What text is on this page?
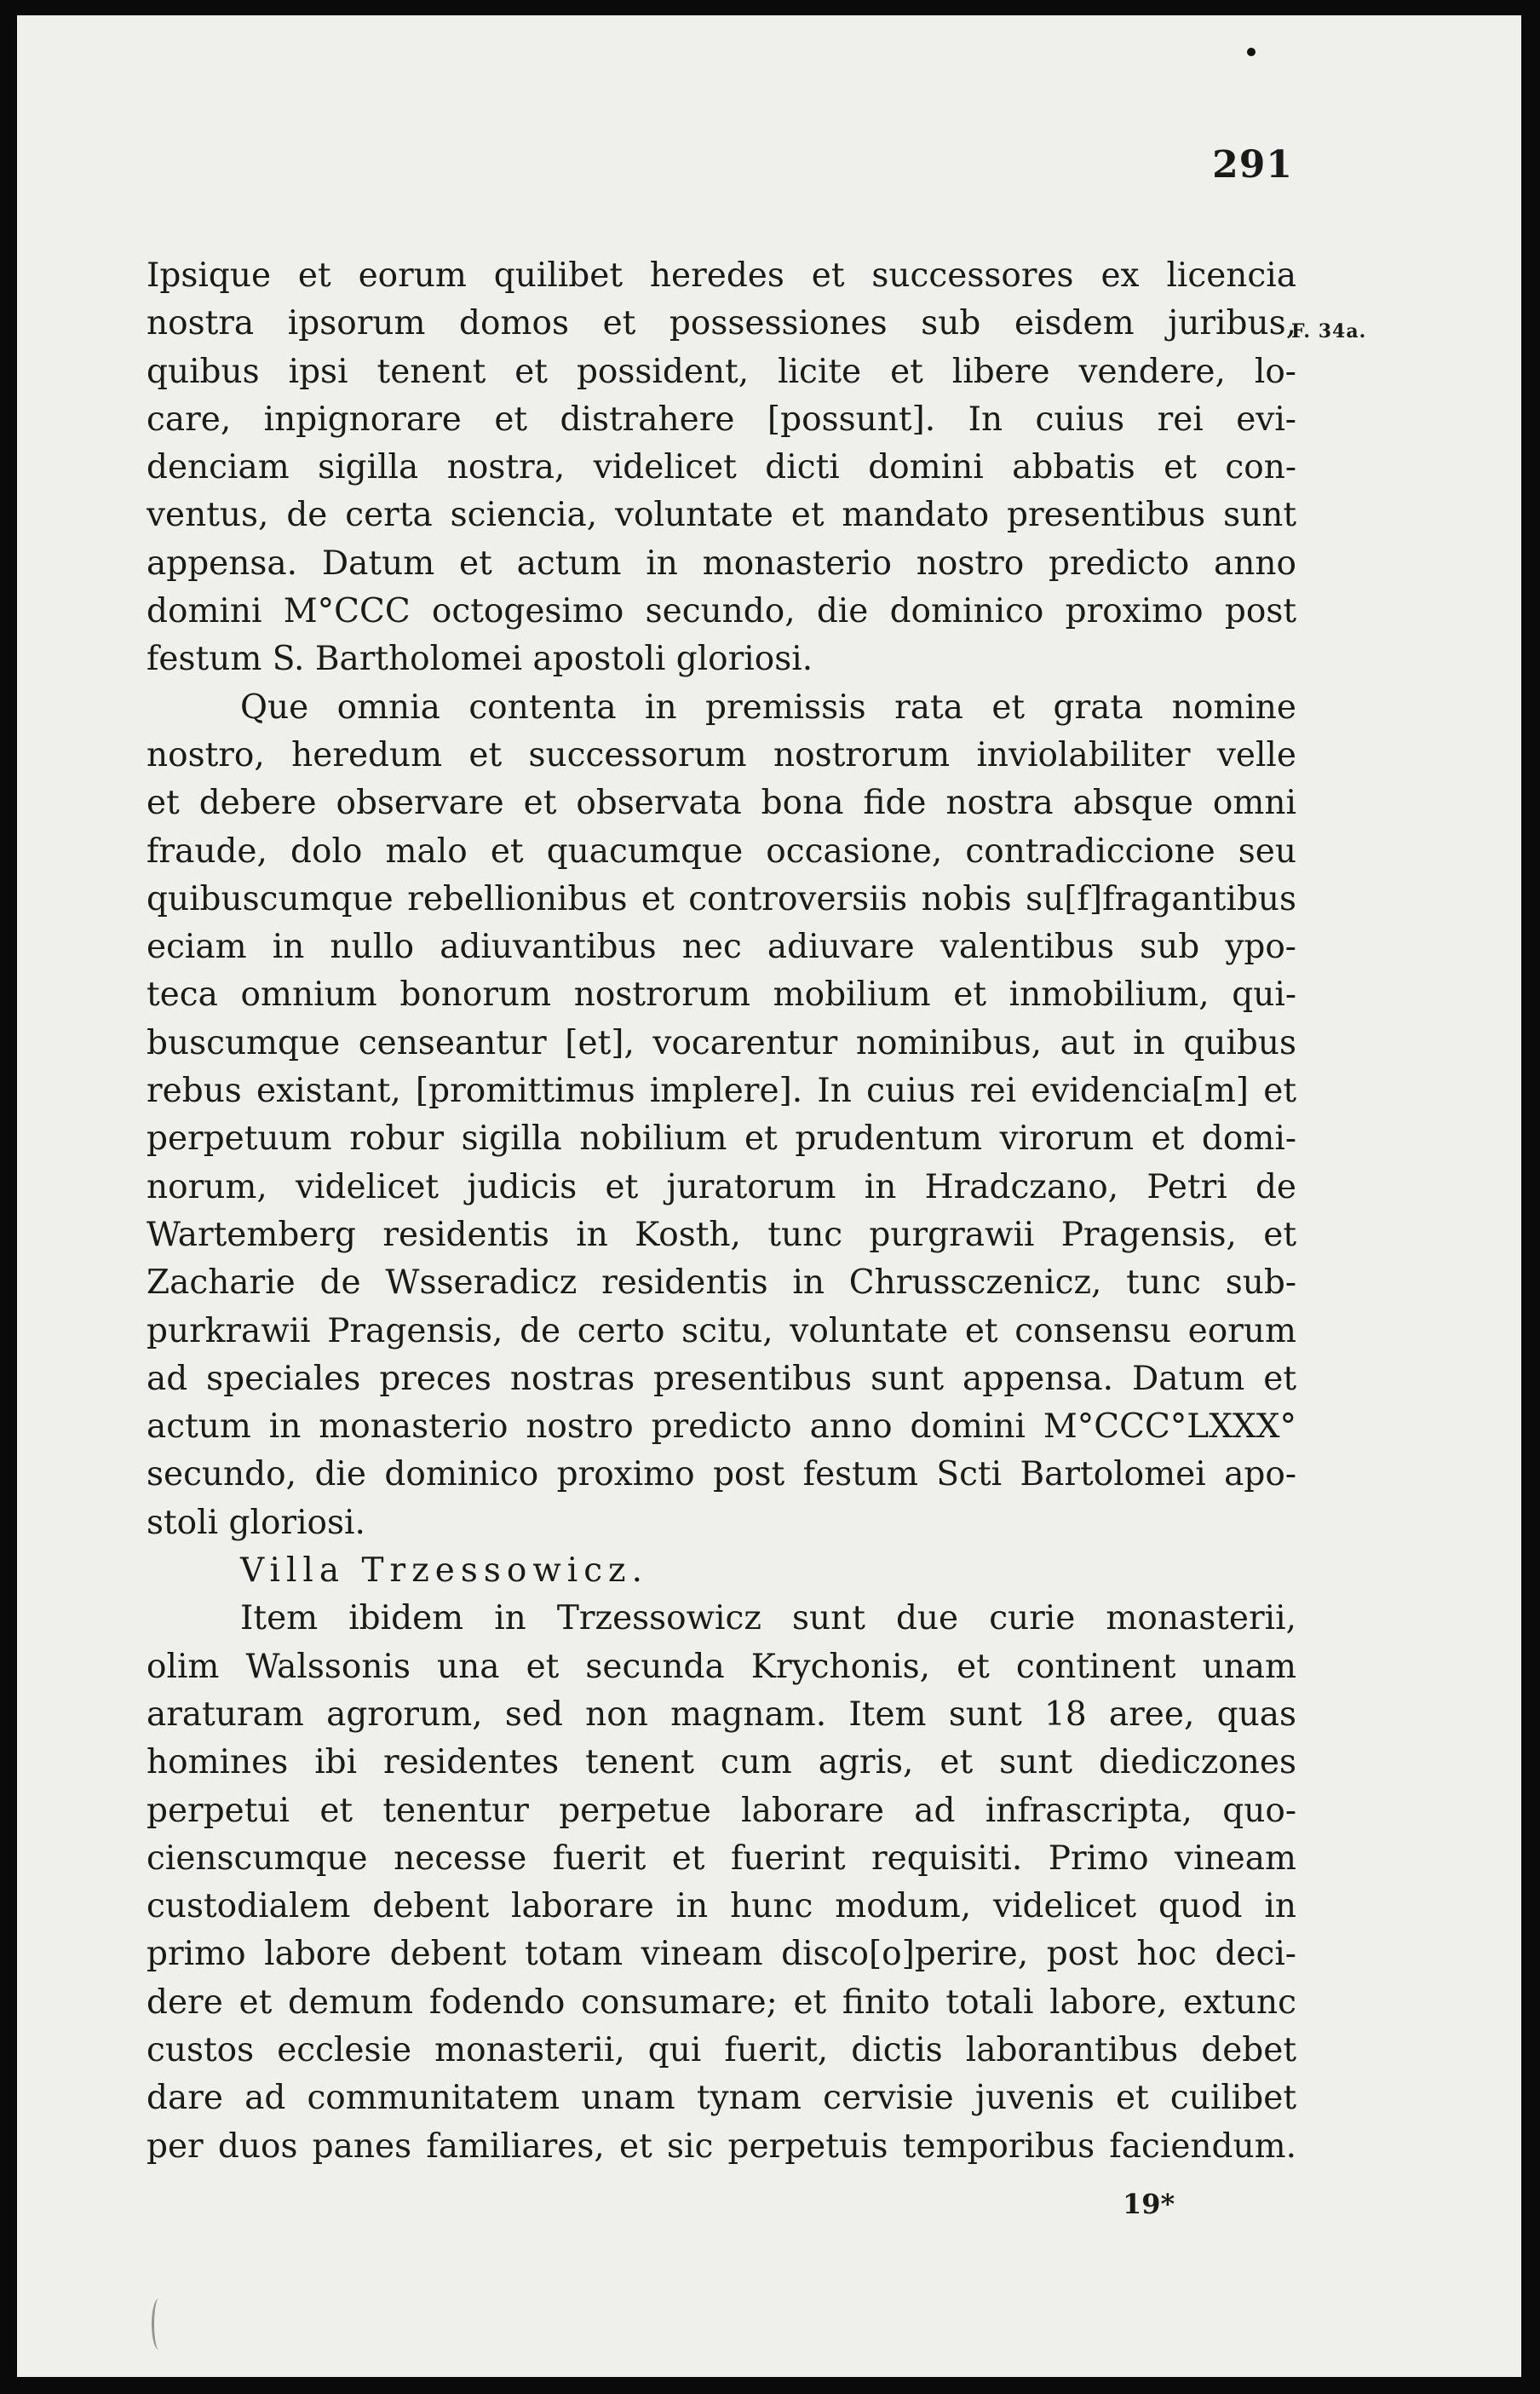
291
F. 34a.
Ipsique et eorum quilibet heredes et successores ex licencia
nostra ipsorum domos et possessiones sub eisdem juribus,
quibus ipsi tenent et possident, licite et libere vendere, lo-
care, inpignorare et distrahere [possunt]. In cuius rei evi-
denciam sigilla nostra, videlicet dicti domini abbatis et con-
ventus, de certa sciencia, voluntate et mandato presentibus sunt
appensa. Datum et actum in monasterio nostro predicto anno
domini M°CCC octogesimo secundo, die dominico proximo post
festum S. Bartholomei apostoli gloriosi.
Que omnia contenta in premissis rata et grata nomine
nostro, heredum et successorum nostrorum inviolabiliter velle
et debere observare et observata bona fide nostra absque omni
fraude, dolo malo et quacumque occasione, contradiccione seu
quibuscumque rebellionibus et controversiis nobis su[f]fragantibus
eciam in nullo adiuvantibus nec adiuvare valentibus sub ypo-
teca omnium bonorum nostrorum mobilium et inmobilium, qui-
buscumque censeantur [et], vocarentur nominibus, aut in quibus
rebus existant, [promittimus implere]. In cuius rei evidencia[m] et
perpetuum robur sigilla nobilium et prudentum virorum et domi-
norum, videlicet judicis et juratorum in Hradczano, Petri de
Wartemberg residentis in Kosth, tunc purgrawii Pragensis, et
Zacharie de Wsseradicz residentis in Chrussczenicz, tunc sub-
purkrawii Pragensis, de certo scitu, voluntate et consensu eorum
ad speciales preces nostras presentibus sunt appensa. Datum et
actum in monasterio nostro predicto anno domini M°CCC°LXXX°
secundo, die dominico proximo post festum Scti Bartolomei apo-
stoli gloriosi.
Villa Trzessowicz.
Item ibidem in Trzessowicz sunt due curie monasterii,
olim Walssonis una et secunda Krychonis, et continent unam
araturam agrorum, sed non magnam. Item sunt 18 aree, quas
homines ibi residentes tenent cum agris, et sunt diediczones
perpetui et tenentur perpetue laborare ad infrascripta, quo-
cienscumque necesse fuerit et fuerint requisiti. Primo vineam
custodialem debent laborare in hunc modum, videlicet quod in
primo labore debent totam vineam disco[o]perire, post hoc deci-
dere et demum fodendo consumare; et finito totali labore, extunc
custos ecclesie monasterii, qui fuerit, dictis laborantibus debet
dare ad communitatem unam tynam cervisie juvenis et cuilibet
per duos panes familiares, et sic perpetuis temporibus faciendum.
19*
